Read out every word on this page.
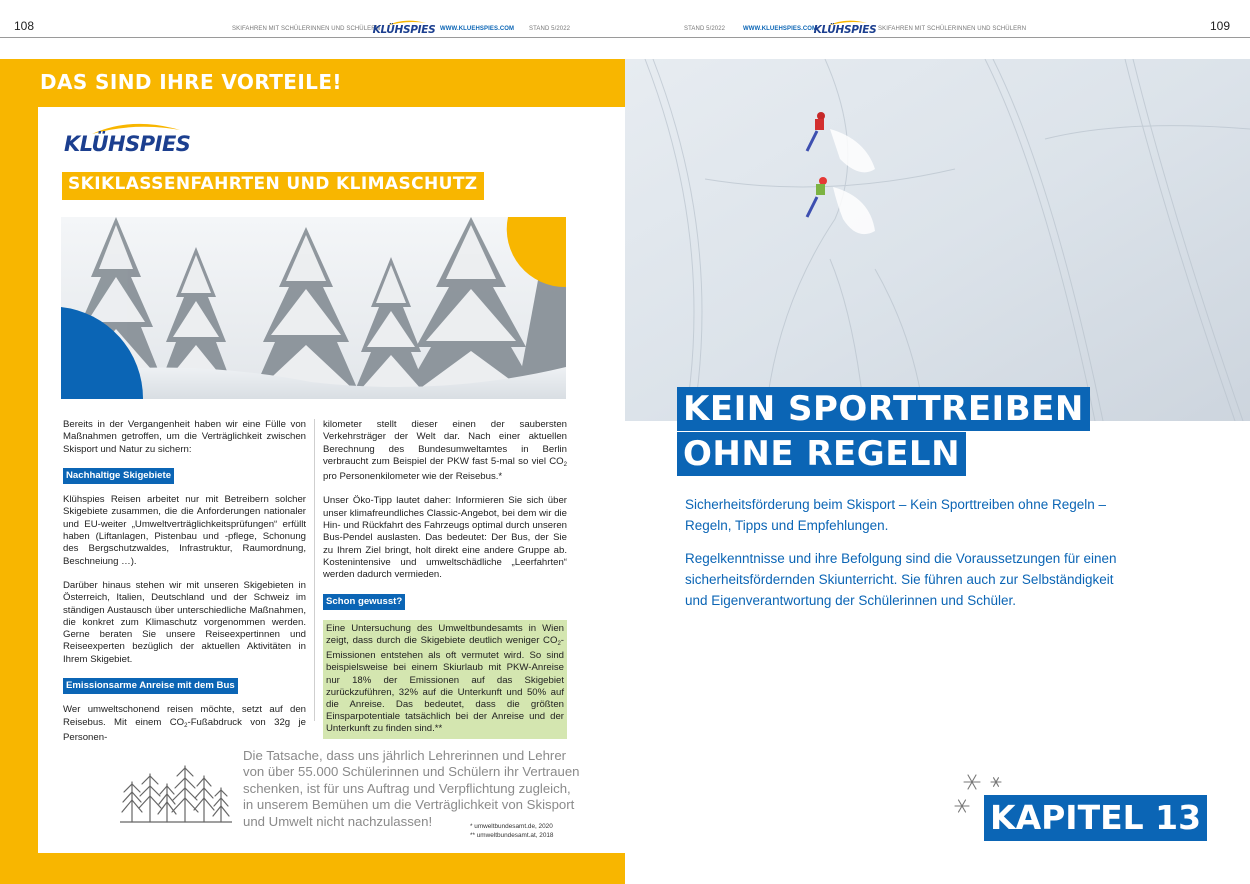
108	109
SKIFAHREN MIT SCHÜLERINNEN UND SCHÜLERN
KLÜHSPIES WWW.KLUEHSPIES.COM STAND 5/2022	STAND 5/2022	WWW.KLUEHSPIES.COM
KLÜHSPIES SKIFAHREN MIT SCHÜLERINNEN UND SCHÜLERN
DAS SIND IHRE VORTEILE!
KLÜHSPIES
SKIKLASSENFAHRTEN UND KLIMASCHUTZ

Bereits in der Vergangenheit haben wir eine Fülle von Maßnahmen getroffen, um die Verträglichkeit zwischen Skisport und Natur zu sichern:

Nachhaltige Skigebiete

Klühspies Reisen arbeitet nur mit Betreibern solcher Skigebiete zusammen, die die Anforderungen nationaler und EU-weiter „Umweltverträglichkeitsprüfungen“ erfüllt haben (Liftanlagen, Pistenbau und -pflege, Schonung des Bergschutzwaldes, Infrastruktur, Raumordnung, Beschneiung …).

Darüber hinaus stehen wir mit unseren Skigebieten in Österreich, Italien, Deutschland und der Schweiz im ständigen Austausch über unterschiedliche Maßnahmen, die konkret zum Klimaschutz vorgenommen werden. Gerne beraten Sie unsere Reiseexpertinnen und Reiseexperten bezüglich der aktuellen Aktivitäten in Ihrem Skigebiet.

Emissionsarme Anreise mit dem Bus

Wer umweltschonend reisen möchte, setzt auf den Reisebus. Mit einem $CO_2$-Fußabdruck von 32g je Personen-

kilometer stellt dieser einen der saubersten Verkehrsträger der Welt dar. Nach einer aktuellen Berechnung des Bundesumweltamtes in Berlin verbraucht zum Beispiel der PKW fast 5-mal so viel $CO_2$ pro Personenkilometer wie der Reisebus.*

Unser Öko-Tipp lautet daher: Informieren Sie sich über unser klimafreundliches Classic-Angebot, bei dem wir die Hin- und Rückfahrt des Fahrzeugs optimal durch unseren Bus-Pendel auslasten. Das bedeutet: Der Bus, der Sie zu Ihrem Ziel bringt, holt direkt eine andere Gruppe ab. Kostenintensive und umweltschädliche „Leerfahrten“ werden dadurch vermieden.

Schon gewusst?
Eine Untersuchung des Umweltbundesamts in Wien zeigt, dass durch die Skigebiete deutlich weniger $CO_2$-Emissionen entstehen als oft vermutet wird. So sind beispielsweise bei einem Skiurlaub mit PKW-Anreise nur 18% der Emissionen auf das Skigebiet zurückzuführen, 32% auf die Unterkunft und 50% auf die Anreise. Das bedeutet, dass die größten Einsparpotentiale tatsächlich bei der Anreise und der Unterkunft zu finden sind.**
Die Tatsache, dass uns jährlich Lehrerinnen und Lehrer von über 55.000 Schülerinnen und Schülern ihr Vertrauen schenken, ist für uns Auftrag und Verpflichtung zugleich, in unserem Bemühen um die Verträglichkeit von Skisport und Umwelt nicht nachzulassen!	* umweltbundesamt.de, 2020
** umweltbundesamt.at, 2018
KEIN SPORTTREIBEN
OHNE REGELN
Sicherheitsförderung beim Skisport – Kein Sporttreiben ohne Regeln – Regeln, Tipps und Empfehlungen.
Regelkenntnisse und ihre Befolgung sind die Voraussetzungen für einen sicherheitsfördernden Skiunterricht. Sie führen auch zur Selbständigkeit und Eigenverantwortung der Schülerinnen und Schüler.
KAPITEL 13
